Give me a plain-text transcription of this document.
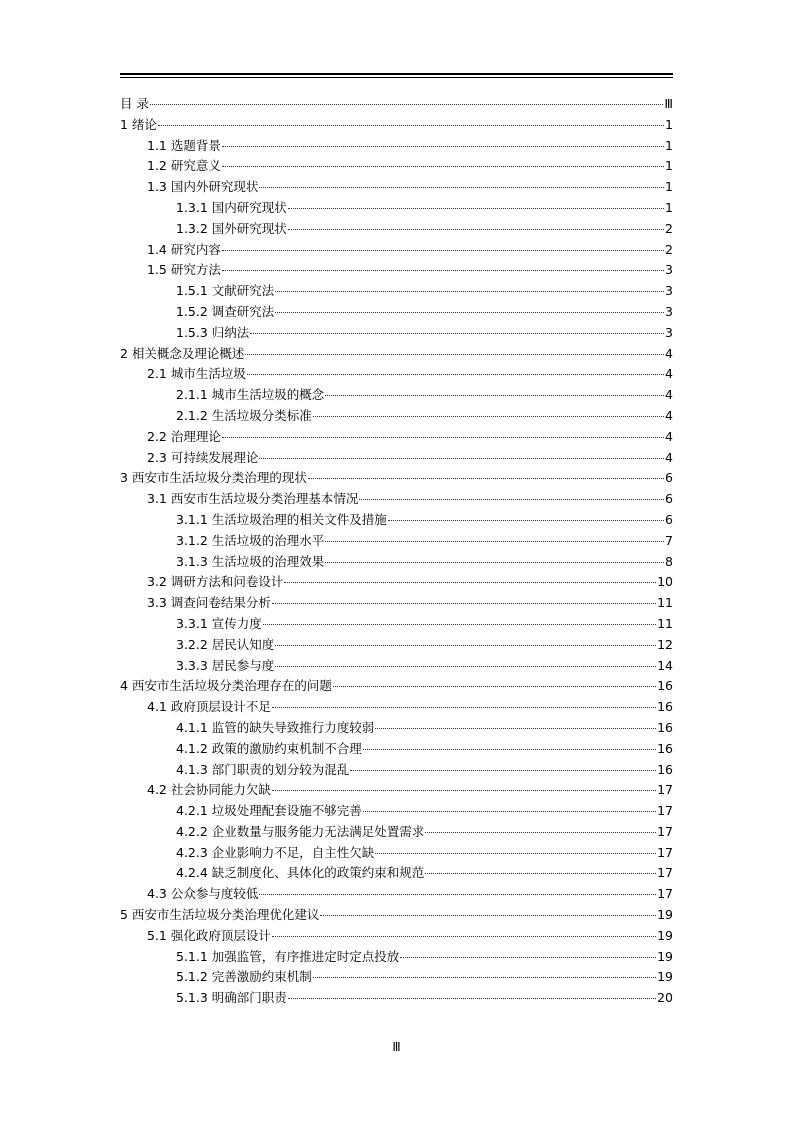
目 录	Ⅲ
1 绪论	1
1.1 选题背景	1
1.2 研究意义	1
1.3 国内外研究现状	1
1.3.1 国内研究现状	1
1.3.2 国外研究现状	2
1.4 研究内容	2
1.5 研究方法	3
1.5.1 文献研究法	3
1.5.2 调查研究法	3
1.5.3 归纳法	3
2 相关概念及理论概述	4
2.1 城市生活垃圾	4
2.1.1 城市生活垃圾的概念	4
2.1.2 生活垃圾分类标准	4
2.2 治理理论	4
2.3 可持续发展理论	4
3 西安市生活垃圾分类治理的现状	6
3.1 西安市生活垃圾分类治理基本情况	6
3.1.1 生活垃圾治理的相关文件及措施	6
3.1.2 生活垃圾的治理水平	7
3.1.3 生活垃圾的治理效果	8
3.2 调研方法和问卷设计	10
3.3 调查问卷结果分析	11
3.3.1 宣传力度	11
3.2.2 居民认知度	12
3.3.3 居民参与度	14
4 西安市生活垃圾分类治理存在的问题	16
4.1 政府顶层设计不足	16
4.1.1 监管的缺失导致推行力度较弱	16
4.1.2 政策的激励约束机制不合理	16
4.1.3 部门职责的划分较为混乱	16
4.2 社会协同能力欠缺	17
4.2.1 垃圾处理配套设施不够完善	17
4.2.2 企业数量与服务能力无法满足处置需求	17
4.2.3 企业影响力不足，自主性欠缺	17
4.2.4 缺乏制度化、具体化的政策约束和规范	17
4.3 公众参与度较低	17
5 西安市生活垃圾分类治理优化建议	19
5.1 强化政府顶层设计	19
5.1.1 加强监管，有序推进定时定点投放	19
5.1.2 完善激励约束机制	19
5.1.3 明确部门职责	20
Ⅲ
